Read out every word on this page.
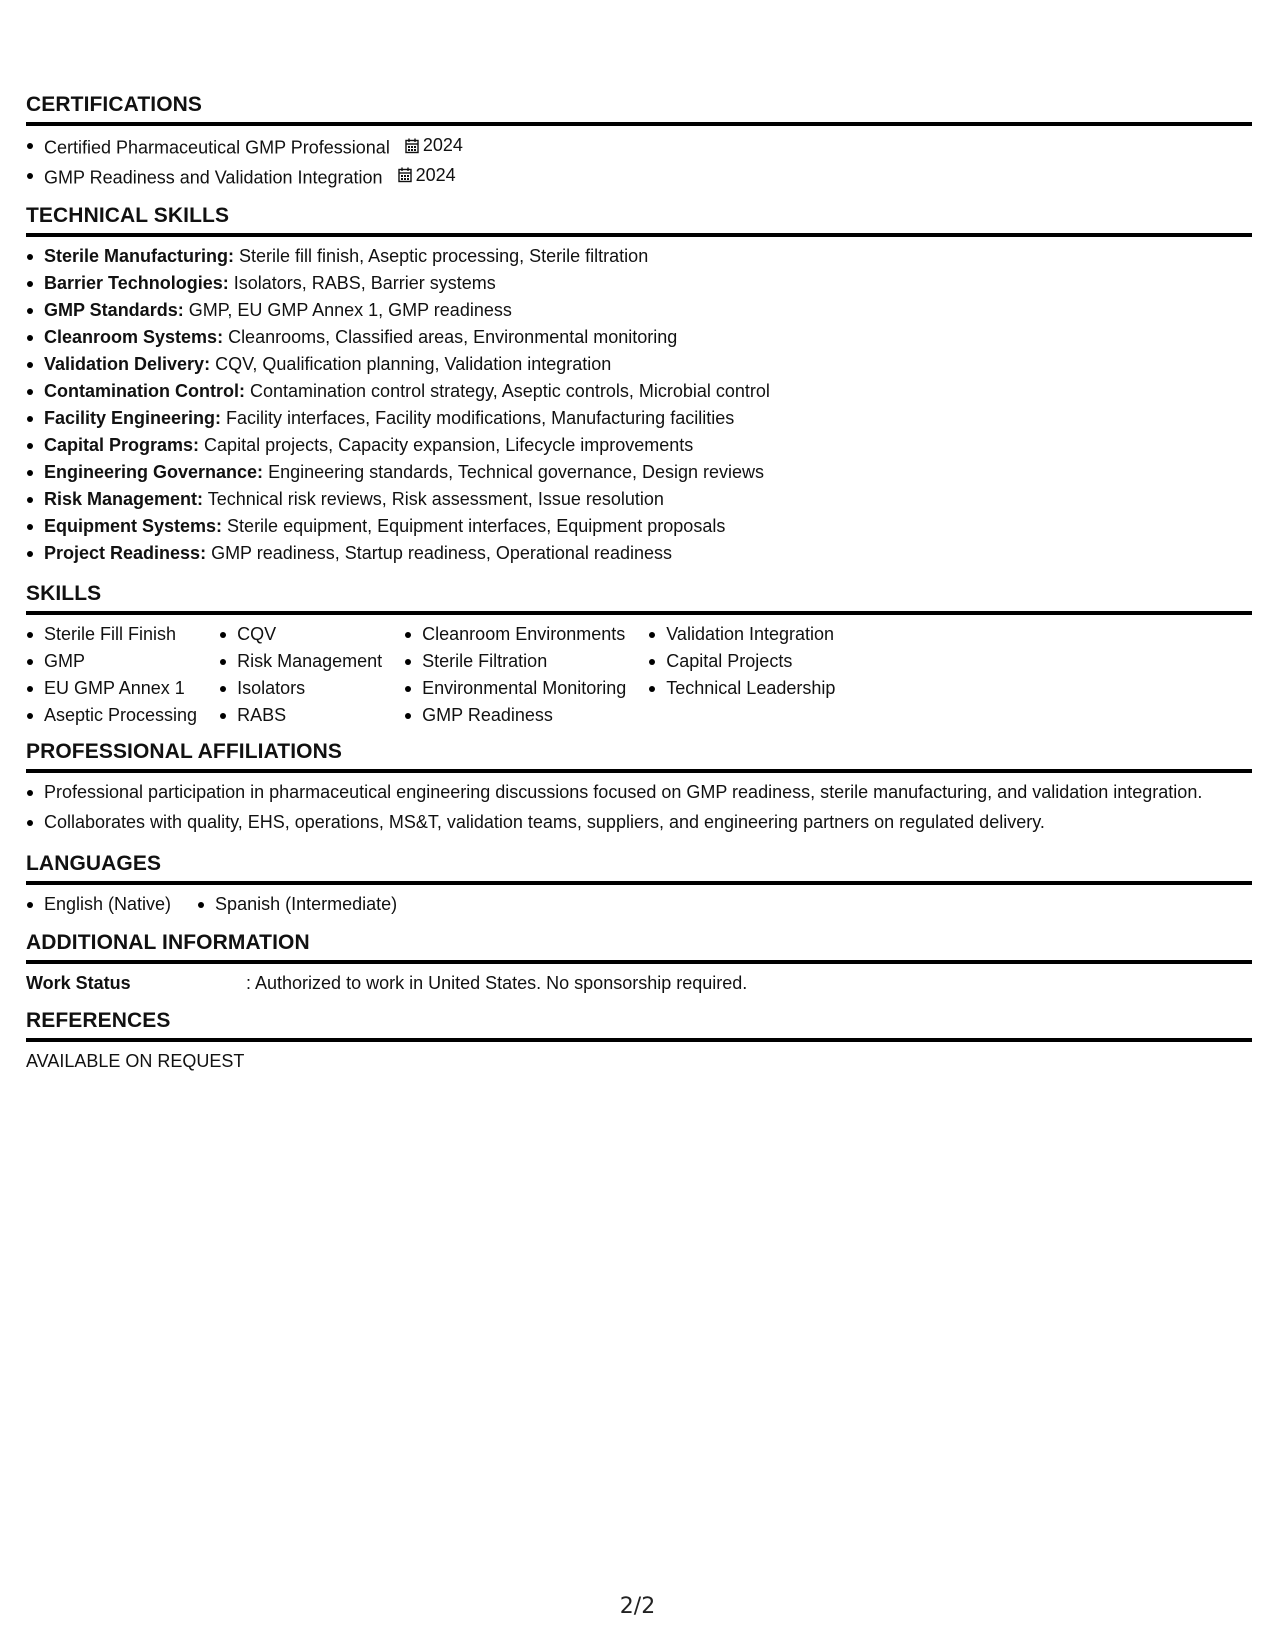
CERTIFICATIONS
Certified Pharmaceutical GMP Professional 2024
GMP Readiness and Validation Integration 2024
TECHNICAL SKILLS
Sterile Manufacturing: Sterile fill finish, Aseptic processing, Sterile filtration
Barrier Technologies: Isolators, RABS, Barrier systems
GMP Standards: GMP, EU GMP Annex 1, GMP readiness
Cleanroom Systems: Cleanrooms, Classified areas, Environmental monitoring
Validation Delivery: CQV, Qualification planning, Validation integration
Contamination Control: Contamination control strategy, Aseptic controls, Microbial control
Facility Engineering: Facility interfaces, Facility modifications, Manufacturing facilities
Capital Programs: Capital projects, Capacity expansion, Lifecycle improvements
Engineering Governance: Engineering standards, Technical governance, Design reviews
Risk Management: Technical risk reviews, Risk assessment, Issue resolution
Equipment Systems: Sterile equipment, Equipment interfaces, Equipment proposals
Project Readiness: GMP readiness, Startup readiness, Operational readiness
SKILLS
Sterile Fill Finish
GMP
EU GMP Annex 1
Aseptic Processing
CQV
Risk Management
Isolators
RABS
Cleanroom Environments
Sterile Filtration
Environmental Monitoring
GMP Readiness
Validation Integration
Capital Projects
Technical Leadership
PROFESSIONAL AFFILIATIONS
Professional participation in pharmaceutical engineering discussions focused on GMP readiness, sterile manufacturing, and validation integration.
Collaborates with quality, EHS, operations, MS&T, validation teams, suppliers, and engineering partners on regulated delivery.
LANGUAGES
English (Native)	Spanish (Intermediate)
ADDITIONAL INFORMATION
Work Status	: Authorized to work in United States. No sponsorship required.
REFERENCES
AVAILABLE ON REQUEST
2/2
